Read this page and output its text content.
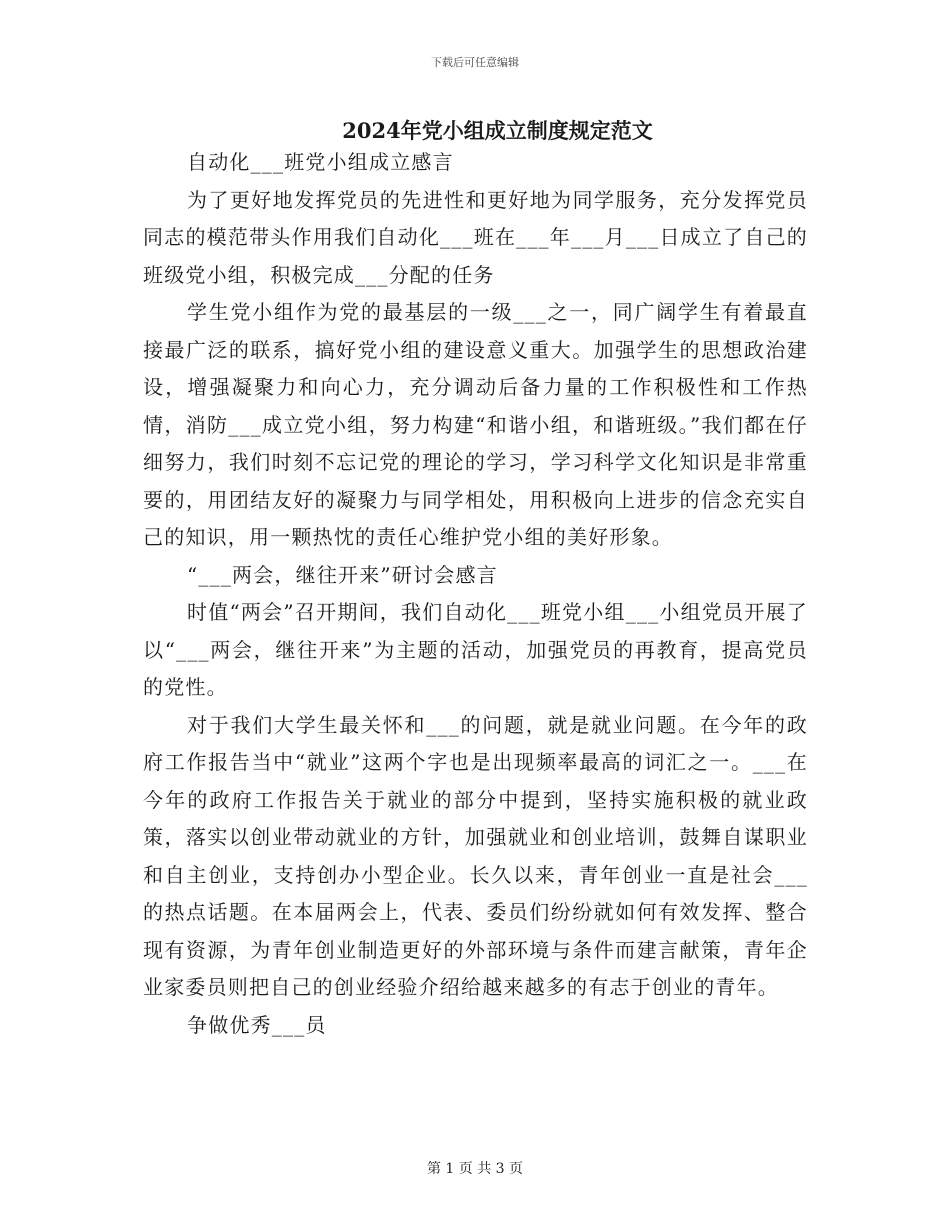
下载后可任意编辑
2024年党小组成立制度规定范文

自动化___班党小组成立感言

为了更好地发挥党员的先进性和更好地为同学服务，充分发挥党员同志的模范带头作用我们自动化___班在___年___月___日成立了自己的班级党小组，积极完成___分配的任务

学生党小组作为党的最基层的一级___之一，同广阔学生有着最直接最广泛的联系，搞好党小组的建设意义重大。加强学生的思想政治建设，增强凝聚力和向心力，充分调动后备力量的工作积极性和工作热情，消防___成立党小组，努力构建“和谐小组，和谐班级。”我们都在仔细努力，我们时刻不忘记党的理论的学习，学习科学文化知识是非常重要的，用团结友好的凝聚力与同学相处，用积极向上进步的信念充实自己的知识，用一颗热忱的责任心维护党小组的美好形象。

“___两会，继往开来”研讨会感言

时值“两会”召开期间，我们自动化___班党小组___小组党员开展了以“___两会，继往开来”为主题的活动，加强党员的再教育，提高党员的党性。

对于我们大学生最关怀和___的问题，就是就业问题。在今年的政府工作报告当中“就业”这两个字也是出现频率最高的词汇之一。___在今年的政府工作报告关于就业的部分中提到，坚持实施积极的就业政策，落实以创业带动就业的方针，加强就业和创业培训，鼓舞自谋职业和自主创业，支持创办小型企业。长久以来，青年创业一直是社会___的热点话题。在本届两会上，代表、委员们纷纷就如何有效发挥、整合现有资源，为青年创业制造更好的外部环境与条件而建言献策，青年企业家委员则把自己的创业经验介绍给越来越多的有志于创业的青年。

争做优秀___员

第 1 页 共 3 页
